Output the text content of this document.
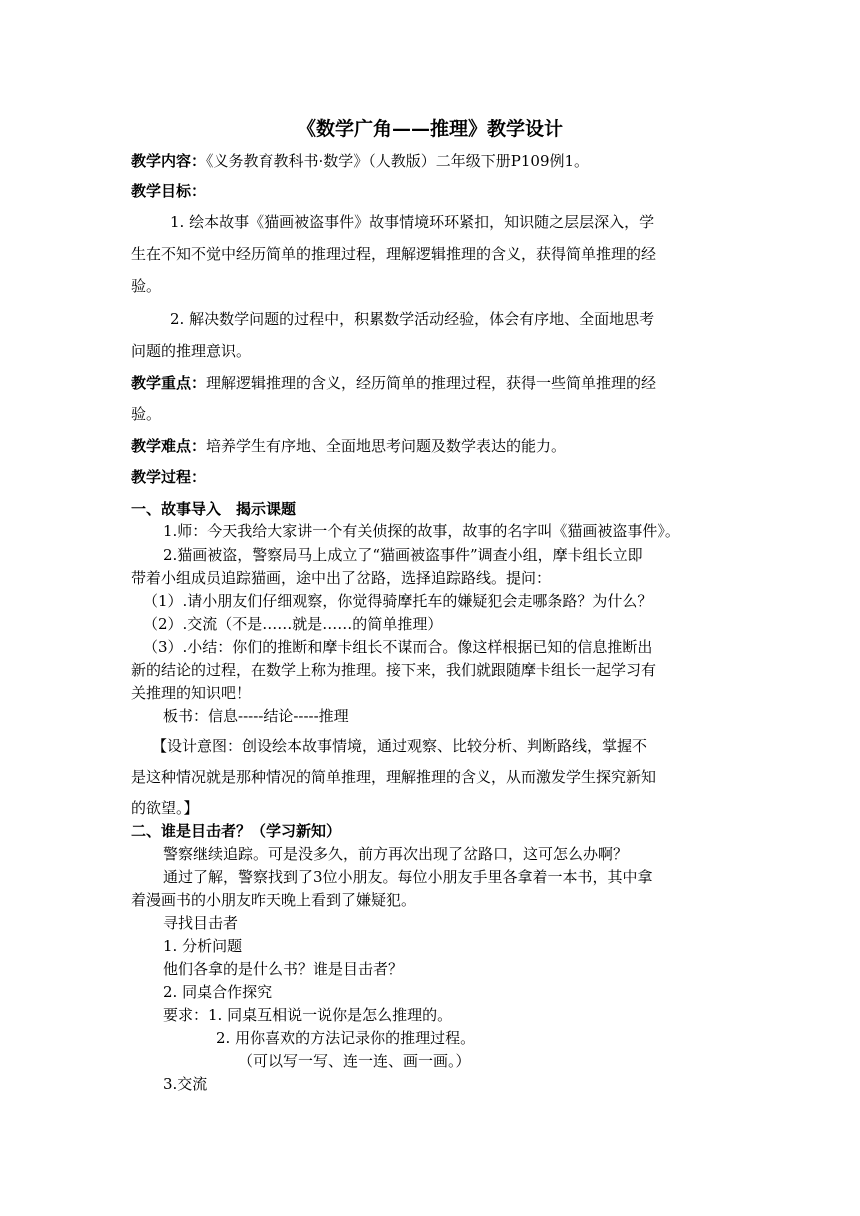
《数学广角——推理》教学设计
教学内容：《义务教育教科书·数学》（人教版）二年级下册P109例1。
教学目标：
1. 绘本故事《猫画被盗事件》故事情境环环紧扣，知识随之层层深入，学
生在不知不觉中经历简单的推理过程，理解逻辑推理的含义，获得简单推理的经
验。
2. 解决数学问题的过程中，积累数学活动经验，体会有序地、全面地思考
问题的推理意识。
教学重点：理解逻辑推理的含义，经历简单的推理过程，获得一些简单推理的经
验。
教学难点：培养学生有序地、全面地思考问题及数学表达的能力。
教学过程：
一、故事导入　揭示课题
1.师：今天我给大家讲一个有关侦探的故事，故事的名字叫《猫画被盗事件》。
2.猫画被盗，警察局马上成立了“猫画被盗事件”调查小组，摩卡组长立即
带着小组成员追踪猫画，途中出了岔路，选择追踪路线。提问：
（1）.请小朋友们仔细观察，你觉得骑摩托车的嫌疑犯会走哪条路？为什么？
（2）.交流（不是……就是……的简单推理）
（3）.小结：你们的推断和摩卡组长不谋而合。像这样根据已知的信息推断出
新的结论的过程，在数学上称为推理。接下来，我们就跟随摩卡组长一起学习有
关推理的知识吧！
板书：信息-----结论-----推理
【设计意图：创设绘本故事情境，通过观察、比较分析、判断路线，掌握不
是这种情况就是那种情况的简单推理，理解推理的含义，从而激发学生探究新知
的欲望。】
二、谁是目击者？（学习新知）
警察继续追踪。可是没多久，前方再次出现了岔路口，这可怎么办啊？
通过了解，警察找到了3位小朋友。每位小朋友手里各拿着一本书，其中拿
着漫画书的小朋友昨天晚上看到了嫌疑犯。
寻找目击者
1. 分析问题
他们各拿的是什么书？谁是目击者？
2. 同桌合作探究
要求：1. 同桌互相说一说你是怎么推理的。
2. 用你喜欢的方法记录你的推理过程。
（可以写一写、连一连、画一画。）
3.交流
